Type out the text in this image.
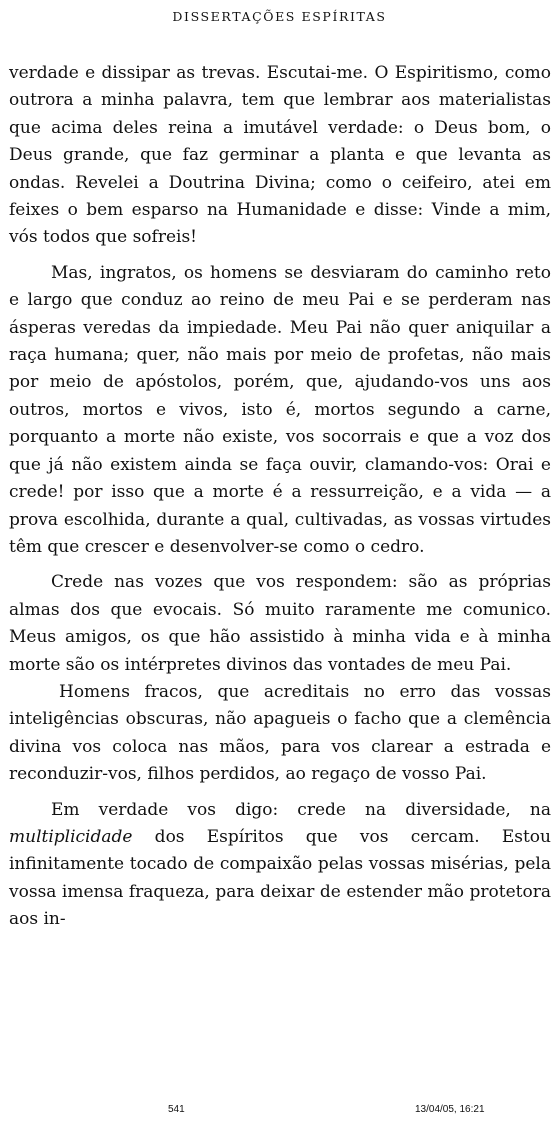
DISSERTAÇÕES ESPÍRITAS

verdade e dissipar as trevas. Escutai-me. O Espiritismo, como outrora a minha palavra, tem que lembrar aos materialistas que acima deles reina a imutável verdade: o Deus bom, o Deus grande, que faz germinar a planta e que levanta as ondas. Revelei a Doutrina Divina; como o ceifeiro, atei em feixes o bem esparso na Humanidade e disse: Vinde a mim, vós todos que sofreis!

Mas, ingratos, os homens se desviaram do caminho reto e largo que conduz ao reino de meu Pai e se perderam nas ásperas veredas da impiedade. Meu Pai não quer aniquilar a raça humana; quer, não mais por meio de profetas, não mais por meio de apóstolos, porém, que, ajudando-vos uns aos outros, mortos e vivos, isto é, mortos segundo a carne, porquanto a morte não existe, vos socorrais e que a voz dos que já não existem ainda se faça ouvir, clamando-vos: Orai e crede! por isso que a morte é a ressurreição, e a vida — a prova escolhida, durante a qual, cultivadas, as vossas virtudes têm que crescer e desenvolver-se como o cedro.

Crede nas vozes que vos respondem: são as próprias almas dos que evocais. Só muito raramente me comunico. Meus amigos, os que hão assistido à minha vida e à minha morte são os intérpretes divinos das vontades de meu Pai.

Homens fracos, que acreditais no erro das vossas inteligências obscuras, não apagueis o facho que a clemência divina vos coloca nas mãos, para vos clarear a estrada e reconduzir-vos, filhos perdidos, ao regaço de vosso Pai.

Em verdade vos digo: crede na diversidade, na multiplicidade dos Espíritos que vos cercam. Estou infinitamente tocado de compaixão pelas vossas misérias, pela vossa imensa fraqueza, para deixar de estender mão protetora aos in-

541	13/04/05, 16:21
